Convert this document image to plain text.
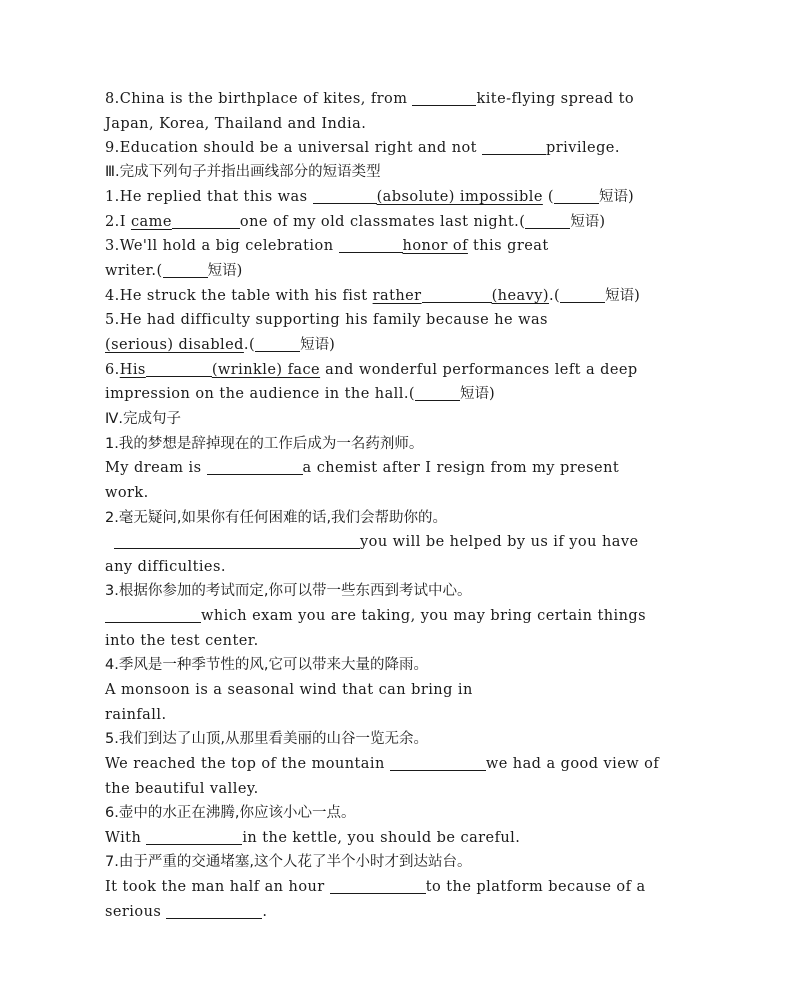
8.China is the birthplace of kites, from	kite-flying spread to
Japan, Korea, Thailand and India.
9.Education should be a universal right and not	privilege.
Ⅲ.完成下列句子并指出画线部分的短语类型
1.He replied that this was	(absolute) impossible (	短语)
2.I came	one of my old classmates last night.(	短语)
3.We'll hold a big celebration	honor of this great
writer.(	短语)
4.He struck the table with his fist rather	(heavy).(	短语)
5.He had difficulty supporting his family because he was
(serious) disabled.(	短语)
6.His	(wrinkle) face and wonderful performances left a deep
impression on the audience in the hall.(	短语)
Ⅳ.完成句子
1.我的梦想是辞掉现在的工作后成为一名药剂师。
My dream is	a chemist after I resign from my present
work.
2.毫无疑问,如果你有任何困难的话,我们会帮助你的。
you will be helped by us if you have
any difficulties.
3.根据你参加的考试而定,你可以带一些东西到考试中心。
which exam you are taking, you may bring certain things
into the test center.
4.季风是一种季节性的风,它可以带来大量的降雨。
A monsoon is a seasonal wind that can bring in
rainfall.
5.我们到达了山顶,从那里看美丽的山谷一览无余。
We reached the top of the mountain	we had a good view of
the beautiful valley.
6.壶中的水正在沸腾,你应该小心一点。
With	in the kettle, you should be careful.
7.由于严重的交通堵塞,这个人花了半个小时才到达站台。
It took the man half an hour	to the platform because of a
serious	.
